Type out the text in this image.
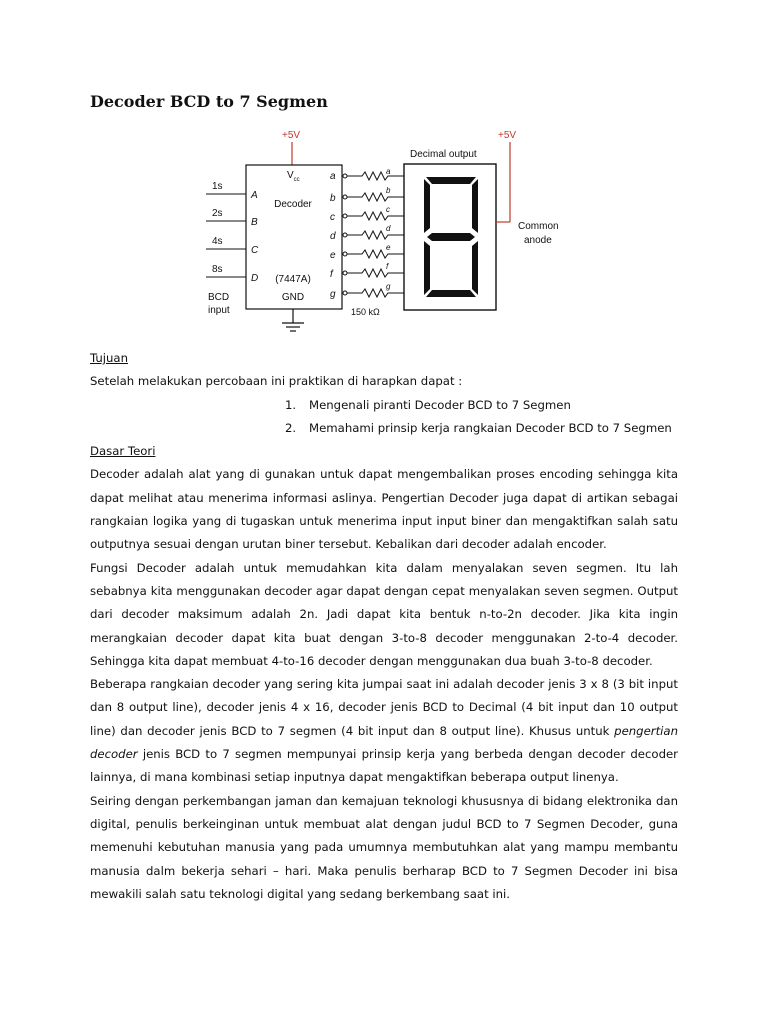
Decoder BCD to 7 Segmen
+5V
$V_{cc}$
Decoder
(7447A)
GND
1s
2s
4s
8s
A
B
C
D
BCD
input
a
b
c
d
e
f
g
a
b
c
d
e
f
g
150 kΩ
Decimal output
+5V
Common
anode

Tujuan

Setelah melakukan percobaan ini praktikan di harapkan dapat :

1. Mengenali piranti Decoder BCD to 7 Segmen

2. Memahami prinsip kerja rangkaian Decoder BCD to 7 Segmen

Dasar Teori

Decoder adalah alat yang di gunakan untuk dapat mengembalikan proses encoding sehingga kita dapat melihat atau menerima informasi aslinya. Pengertian Decoder juga dapat di artikan sebagai rangkaian logika yang di tugaskan untuk menerima input input biner dan mengaktifkan salah satu outputnya sesuai dengan urutan biner tersebut. Kebalikan dari decoder adalah encoder.

Fungsi Decoder adalah untuk memudahkan kita dalam menyalakan seven segmen. Itu lah sebabnya kita menggunakan decoder agar dapat dengan cepat menyalakan seven segmen. Output dari decoder maksimum adalah 2n. Jadi dapat kita bentuk n-to-2n decoder. Jika kita ingin merangkaian decoder dapat kita buat dengan 3-to-8 decoder menggunakan 2-to-4 decoder. Sehingga kita dapat membuat 4-to-16 decoder dengan menggunakan dua buah 3-to-8 decoder.

Beberapa rangkaian decoder yang sering kita jumpai saat ini adalah decoder jenis 3 x 8 (3 bit input dan 8 output line), decoder jenis 4 x 16, decoder jenis BCD to Decimal (4 bit input dan 10 output line) dan decoder jenis BCD to 7 segmen (4 bit input dan 8 output line). Khusus untuk pengertian decoder jenis BCD to 7 segmen mempunyai prinsip kerja yang berbeda dengan decoder decoder lainnya, di mana kombinasi setiap inputnya dapat mengaktifkan beberapa output linenya.

Seiring dengan perkembangan jaman dan kemajuan teknologi khususnya di bidang elektronika dan digital, penulis berkeinginan untuk membuat alat dengan judul BCD to 7 Segmen Decoder, guna memenuhi kebutuhan manusia yang pada umumnya membutuhkan alat yang mampu membantu manusia dalm bekerja sehari – hari. Maka penulis berharap BCD to 7 Segmen Decoder ini bisa mewakili salah satu teknologi digital yang sedang berkembang saat ini.
